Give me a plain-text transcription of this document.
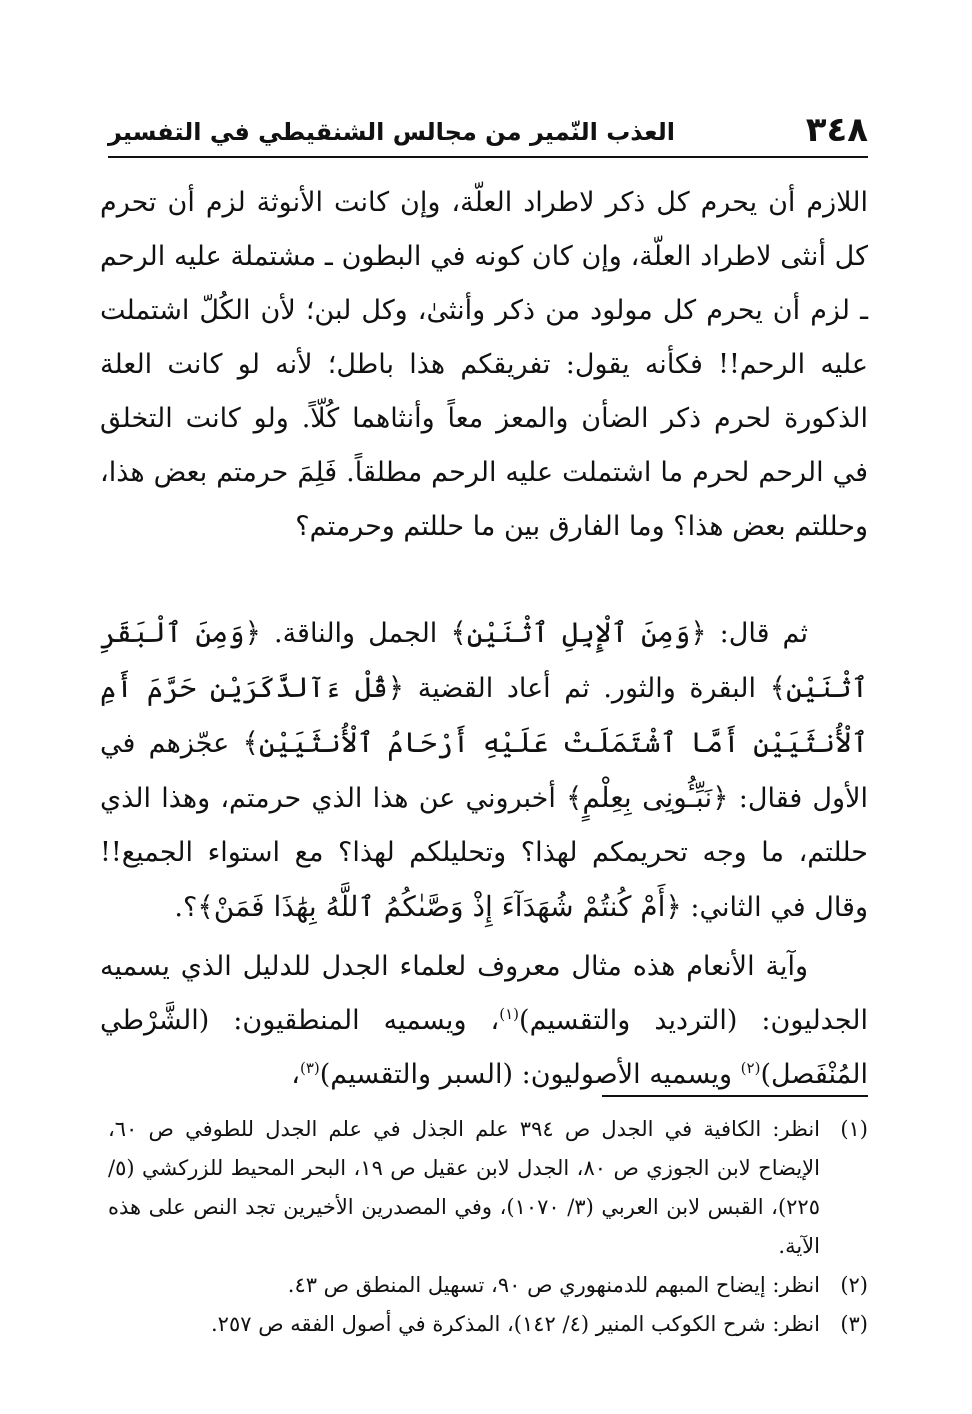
٣٤٨
العذب النّمير من مجالس الشنقيطي في التفسير

اللازم أن يحرم كل ذكر لاطراد العلّة، وإن كانت الأنوثة لزم أن تحرم كل أنثى لاطراد العلّة، وإن كان كونه في البطون ـ مشتملة عليه الرحم ـ لزم أن يحرم كل مولود من ذكر وأنثىٰ، وكل لبن؛ لأن الكُلّ اشتملت عليه الرحم!! فكأنه يقول: تفريقكم هذا باطل؛ لأنه لو كانت العلة الذكورة لحرم ذكر الضأن والمعز معاً وأنثاهما كُلّاً. ولو كانت التخلق في الرحم لحرم ما اشتملت عليه الرحم مطلقاً. فَلِمَ حرمتم بعض هذا، وحللتم بعض هذا؟ وما الفارق بين ما حللتم وحرمتم؟

ثم قال: ﴿وَمِنَ ٱلْإِبِلِ ٱثْنَيْنِ﴾ الجمل والناقة. ﴿وَمِنَ ٱلْبَقَرِ ٱثْنَيْنِ﴾ البقرة والثور. ثم أعاد القضية ﴿قُلْ ءَآلذَّكَرَيْنِ حَرَّمَ أَمِ ٱلْأُنثَيَيْنِ أَمَّا ٱشْتَمَلَتْ عَلَيْهِ أَرْحَامُ ٱلْأُنثَيَيْنِ﴾ عجّزهم في الأول فقال: ﴿نَبِّـُٔونِى بِعِلْمٍ﴾ أخبروني عن هذا الذي حرمتم، وهذا الذي حللتم، ما وجه تحريمكم لهذا؟ وتحليلكم لهذا؟ مع استواء الجميع!! وقال في الثاني: ﴿أَمْ كُنتُمْ شُهَدَآءَ إِذْ وَصَّىٰكُمُ ٱللَّهُ بِهَٰذَا فَمَنْ﴾؟.

وآية الأنعام هذه مثال معروف لعلماء الجدل للدليل الذي يسميه الجدليون: (الترديد والتقسيم)$^{(١)}$، ويسميه المنطقيون: (الشَّرْطي المُنْفَصل)$^{(٢)}$ ويسميه الأصوليون: (السبر والتقسيم)$^{(٣)}$،

(١)
انظر: الكافية في الجدل ص ٣٩٤ علم الجذل في علم الجدل للطوفي ص ٦٠، الإيضاح لابن الجوزي ص ٨٠، الجدل لابن عقيل ص ١٩، البحر المحيط للزركشي (٥/ ٢٢٥)، القبس لابن العربي (٣/ ١٠٧٠)، وفي المصدرين الأخيرين تجد النص على هذه الآية.
(٢)
انظر: إيضاح المبهم للدمنهوري ص ٩٠، تسهيل المنطق ص ٤٣.
(٣)
انظر: شرح الكوكب المنير (٤/ ١٤٢)، المذكرة في أصول الفقه ص ٢٥٧.
